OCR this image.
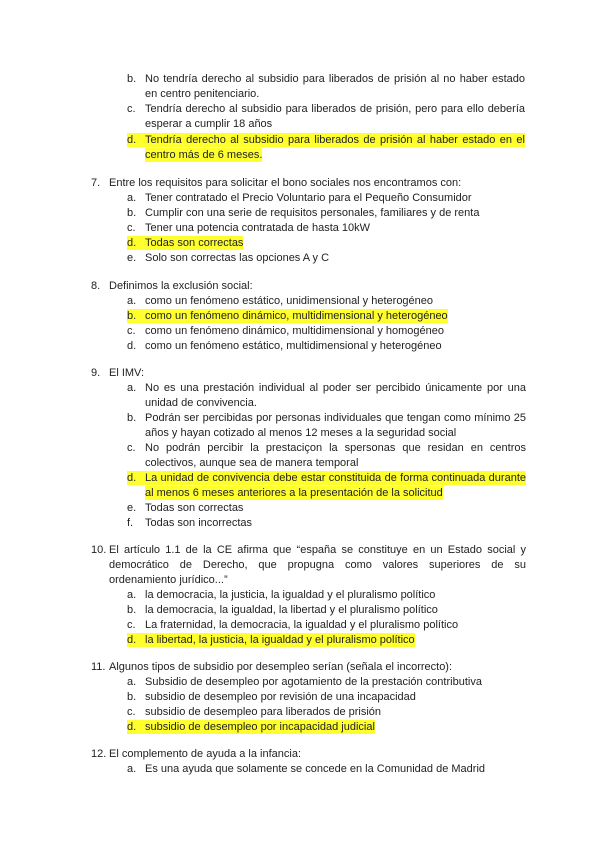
b. No tendría derecho al subsidio para liberados de prisión al no haber estado
en centro penitenciario.
c. Tendría derecho al subsidio para liberados de prisión, pero para ello debería
esperar a cumplir 18 años
d. Tendría derecho al subsidio para liberados de prisión al haber estado en el
centro más de 6 meses.
7. Entre los requisitos para solicitar el bono sociales nos encontramos con:
a. Tener contratado el Precio Voluntario para el Pequeño Consumidor
b. Cumplir con una serie de requisitos personales, familiares y de renta
c. Tener una potencia contratada de hasta 10kW
d. Todas son correctas
e. Solo son correctas las opciones A y C
8. Definimos la exclusión social:
a. como un fenómeno estático, unidimensional y heterogéneo
b. como un fenómeno dinámico, multidimensional y heterogéneo
c. como un fenómeno dinámico, multidimensional y homogéneo
d. como un fenómeno estático, multidimensional y heterogéneo
9. El IMV:
a. No es una prestación individual al poder ser percibido únicamente por una
unidad de convivencia.
b. Podrán ser percibidas por personas individuales que tengan como mínimo 25
años y hayan cotizado al menos 12 meses a la seguridad social
c. No podrán percibir la prestaciçon la spersonas que residan en centros
colectivos, aunque sea de manera temporal
d. La unidad de convivencia debe estar constituida de forma continuada durante
al menos 6 meses anteriores a la presentación de la solicitud
e. Todas son correctas
f.	Todas son incorrectas
10. El artículo 1.1 de la CE afirma que “españa se constituye en un Estado social y
democrático de Derecho, que propugna como valores superiores de su
ordenamiento jurídico...”
a. la democracia, la justicia, la igualdad y el pluralismo político
b. la democracia, la igualdad, la libertad y el pluralismo político
c. La fraternidad, la democracia, la igualdad y el pluralismo político
d. la libertad, la justicia, la igualdad y el pluralismo político
11. Algunos tipos de subsidio por desempleo serían (señala el incorrecto):
a. Subsidio de desempleo por agotamiento de la prestación contributiva
b. subsidio de desempleo por revisión de una incapacidad
c. subsidio de desempleo para liberados de prisión
d. subsidio de desempleo por incapacidad judicial
12. El complemento de ayuda a la infancia:
a. Es una ayuda que solamente se concede en la Comunidad de Madrid
